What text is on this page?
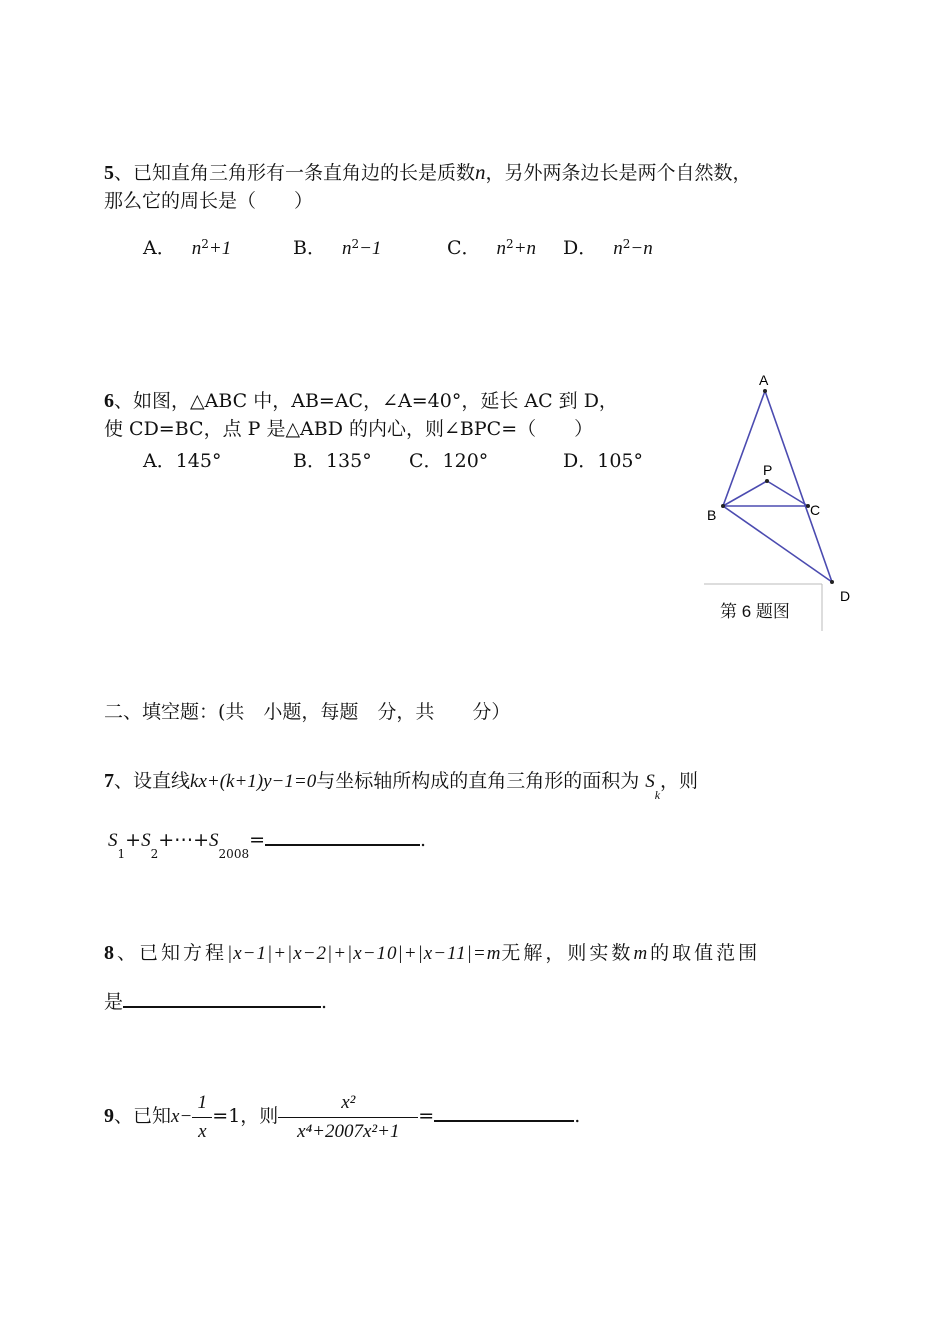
5、已知直角三角形有一条直角边的长是质数n，另外两条边长是两个自然数，
那么它的周长是（　　）
A． $n^2+1$	B． $n^2-1$	C． $n^2+n$ D． $n^2-n$
6、如图，△ABC 中，AB=AC，∠A=40°，延长 AC 到 D，
使 CD=BC，点 P 是△ABD 的内心，则∠BPC=（　　）
A．145°	B．135° C．120°	D．105°
A
P
B	C
D
第 6 题图
二、填空题：(共　小题，每题　分，共　　分）
7、设直线kx+(k+1)y−1=0与坐标轴所构成的直角三角形的面积为 $S_k$，则
$S_1+S_2+\cdots+S_{2008}=$	.
8、已知方程|x−1|+|x−2|+|x−10|+|x−11|=m无解，则实数m的取值范围
是	.
9、已知$x- \frac{1}{x} =1$，则 $\frac{\text{x²}}{\text{x⁴+2007x²+1}}$ =	.
